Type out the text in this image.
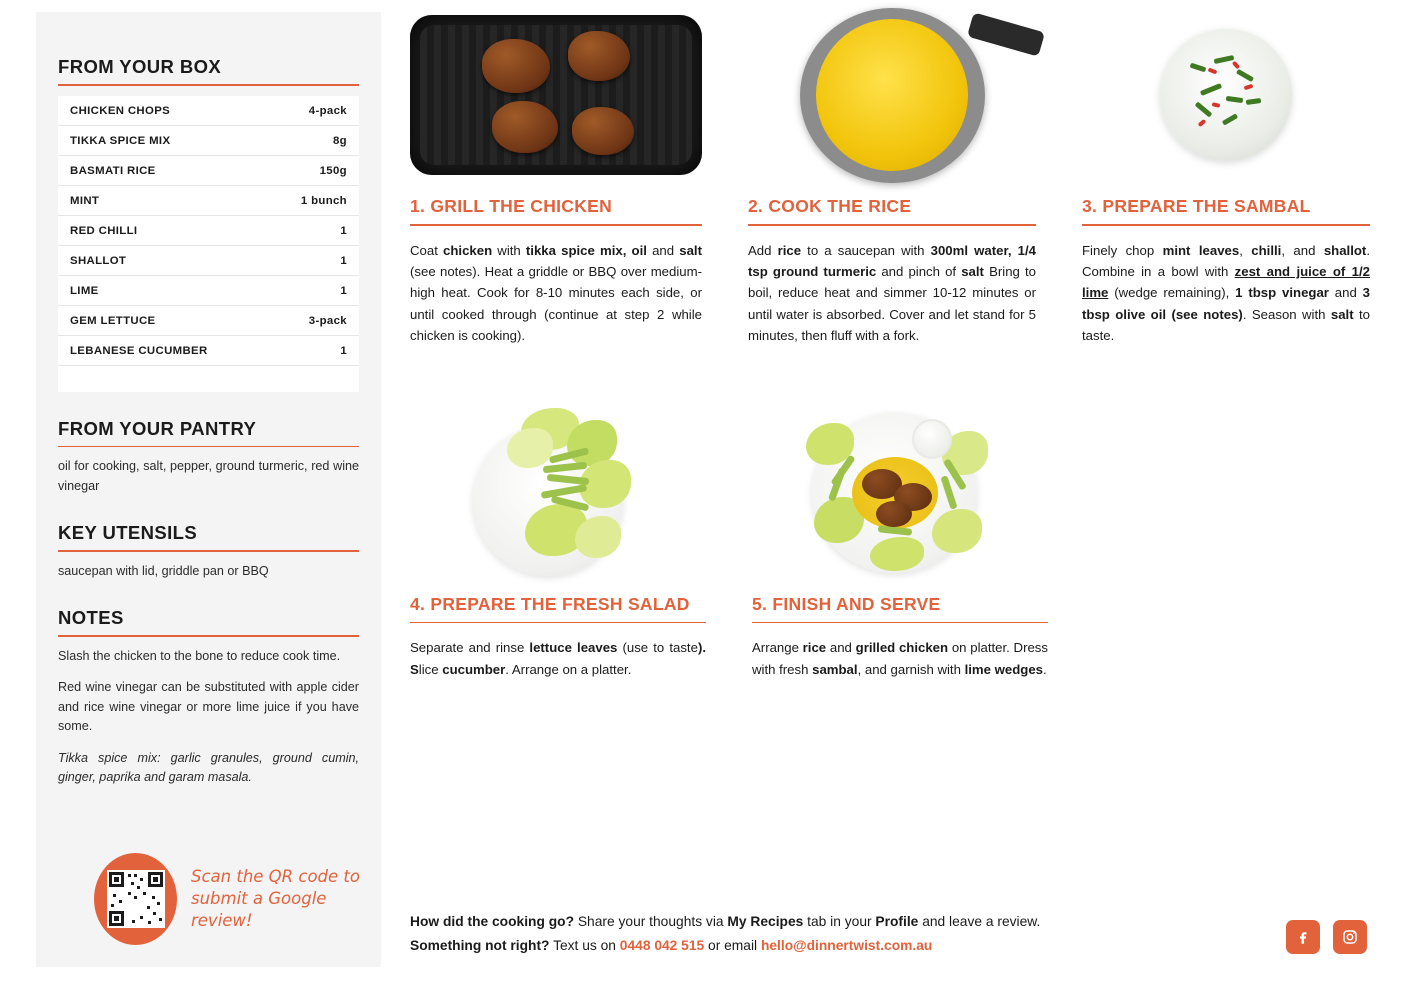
FROM YOUR BOX
CHICKEN CHOPS	4-pack
TIKKA SPICE MIX	8g
BASMATI RICE	150g
MINT	1 bunch
RED CHILLI	1
SHALLOT	1
LIME	1
GEM LETTUCE	3-pack
LEBANESE CUCUMBER	1

FROM YOUR PANTRY

oil for cooking, salt, pepper, ground turmeric, red wine vinegar

KEY UTENSILS

saucepan with lid, griddle pan or BBQ

NOTES

Slash the chicken to the bone to reduce cook time.

Red wine vinegar can be substituted with apple cider and rice wine vinegar or more lime juice if you have some.

Tikka spice mix: garlic granules, ground cumin, ginger, paprika and garam masala.

Scan the QR code to submit a Google review!
1. GRILL THE CHICKEN

Coat chicken with tikka spice mix, oil and salt (see notes). Heat a griddle or BBQ over medium-high heat. Cook for 8-10 minutes each side, or until cooked through (continue at step 2 while chicken is cooking).

2. COOK THE RICE

Add rice to a saucepan with 300ml water, 1/4 tsp ground turmeric and pinch of salt Bring to boil, reduce heat and simmer 10-12 minutes or until water is absorbed. Cover and let stand for 5 minutes, then fluff with a fork.

3. PREPARE THE SAMBAL

Finely chop mint leaves, chilli, and shallot. Combine in a bowl with zest and juice of 1/2 lime (wedge remaining), 1 tbsp vinegar and 3 tbsp olive oil (see notes). Season with salt to taste.

4. PREPARE THE FRESH SALAD

Separate and rinse lettuce leaves (use to taste). Slice cucumber. Arrange on a platter.

5. FINISH AND SERVE

Arrange rice and grilled chicken on platter. Dress with fresh sambal, and garnish with lime wedges.

How did the cooking go? Share your thoughts via My Recipes tab in your Profile and leave a review.
Something not right? Text us on 0448 042 515 or email hello@dinnertwist.com.au
